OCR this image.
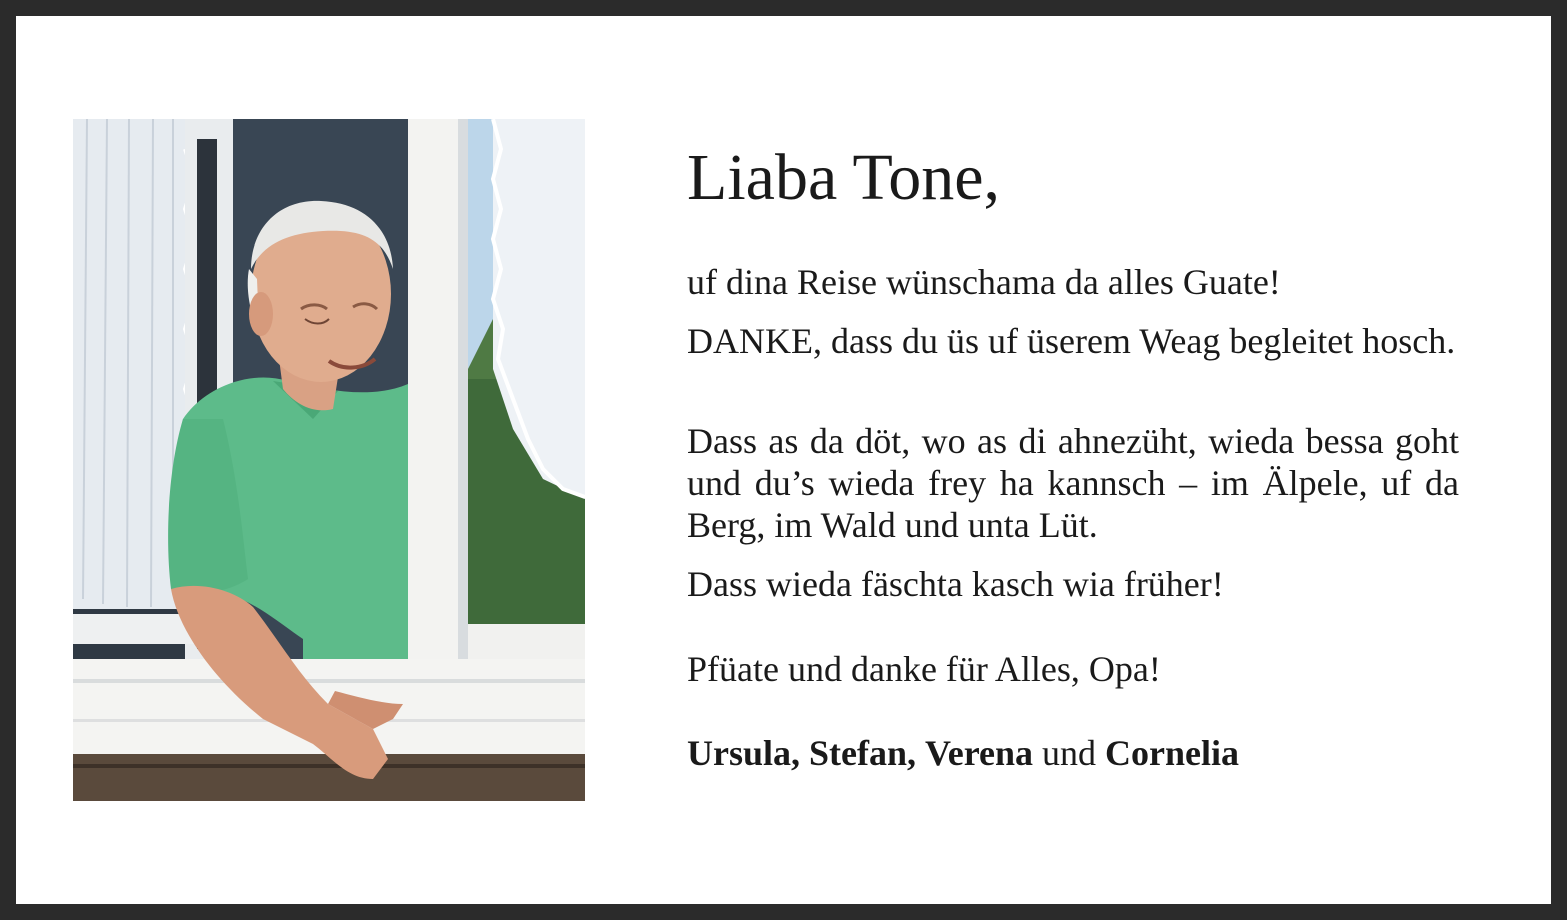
Liaba Tone,

uf dina Reise wünschama da alles Guate!

DANKE, dass du üs uf üserem Weag begleitet hosch.

Dass as da döt, wo as di ahnezüht, wieda bessa goht und du’s wieda frey ha kannsch – im Älpele, uf da Berg, im Wald und unta Lüt.

Dass wieda fäschta kasch wia früher!

Pfüate und danke für Alles, Opa!

Ursula, Stefan, Verena und Cornelia
